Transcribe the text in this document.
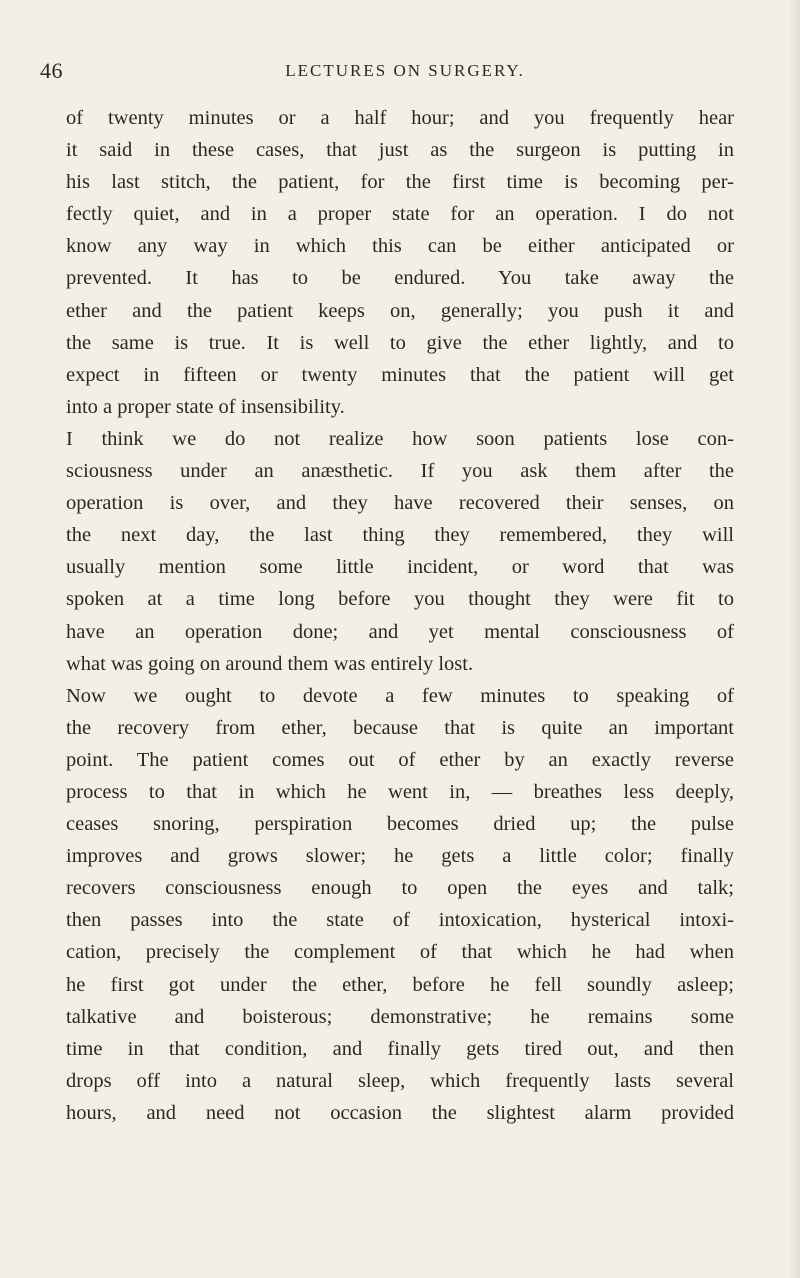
46	LECTURES ON SURGERY.
of twenty minutes or a half hour; and you frequently hear
it said in these cases, that just as the surgeon is putting in
his last stitch, the patient, for the first time is becoming per-
fectly quiet, and in a proper state for an operation. I do not
know any way in which this can be either anticipated or
prevented. It has to be endured. You take away the
ether and the patient keeps on, generally; you push it and
the same is true. It is well to give the ether lightly, and to
expect in fifteen or twenty minutes that the patient will get
into a proper state of insensibility.
I think we do not realize how soon patients lose con-
sciousness under an anæsthetic. If you ask them after the
operation is over, and they have recovered their senses, on
the next day, the last thing they remembered, they will
usually mention some little incident, or word that was
spoken at a time long before you thought they were fit to
have an operation done; and yet mental consciousness of
what was going on around them was entirely lost.
Now we ought to devote a few minutes to speaking of
the recovery from ether, because that is quite an important
point. The patient comes out of ether by an exactly reverse
process to that in which he went in, — breathes less deeply,
ceases snoring, perspiration becomes dried up; the pulse
improves and grows slower; he gets a little color; finally
recovers consciousness enough to open the eyes and talk;
then passes into the state of intoxication, hysterical intoxi-
cation, precisely the complement of that which he had when
he first got under the ether, before he fell soundly asleep;
talkative and boisterous; demonstrative; he remains some
time in that condition, and finally gets tired out, and then
drops off into a natural sleep, which frequently lasts several
hours, and need not occasion the slightest alarm provided
